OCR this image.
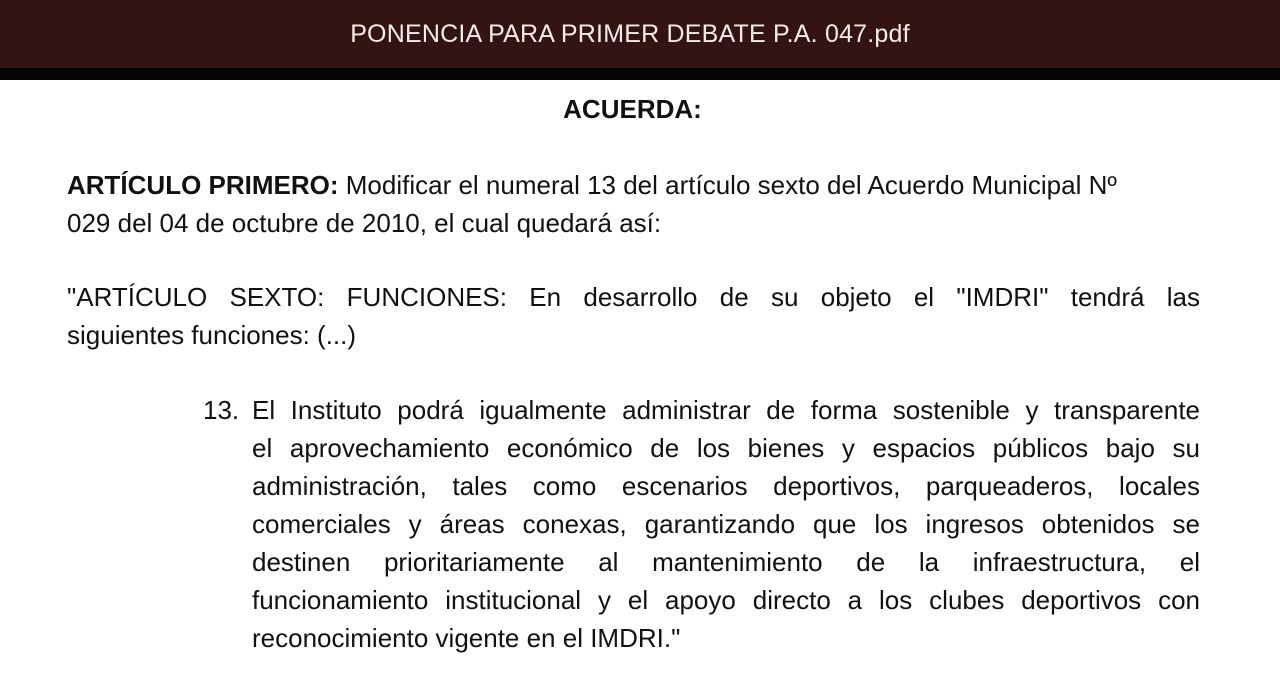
PONENCIA PARA PRIMER DEBATE P.A. 047.pdf
ACUERDA:

ARTÍCULO PRIMERO: Modificar el numeral 13 del artículo sexto del Acuerdo Municipal Nº
029 del 04 de octubre de 2010, el cual quedará así:

"ARTÍCULO SEXTO: FUNCIONES: En desarrollo de su objeto el "IMDRI" tendrá las
siguientes funciones: (...)

13. El Instituto podrá igualmente administrar de forma sostenible y transparente
el aprovechamiento económico de los bienes y espacios públicos bajo su
administración, tales como escenarios deportivos, parqueaderos, locales
comerciales y áreas conexas, garantizando que los ingresos obtenidos se
destinen prioritariamente al mantenimiento de la infraestructura, el
funcionamiento institucional y el apoyo directo a los clubes deportivos con
reconocimiento vigente en el IMDRI."
